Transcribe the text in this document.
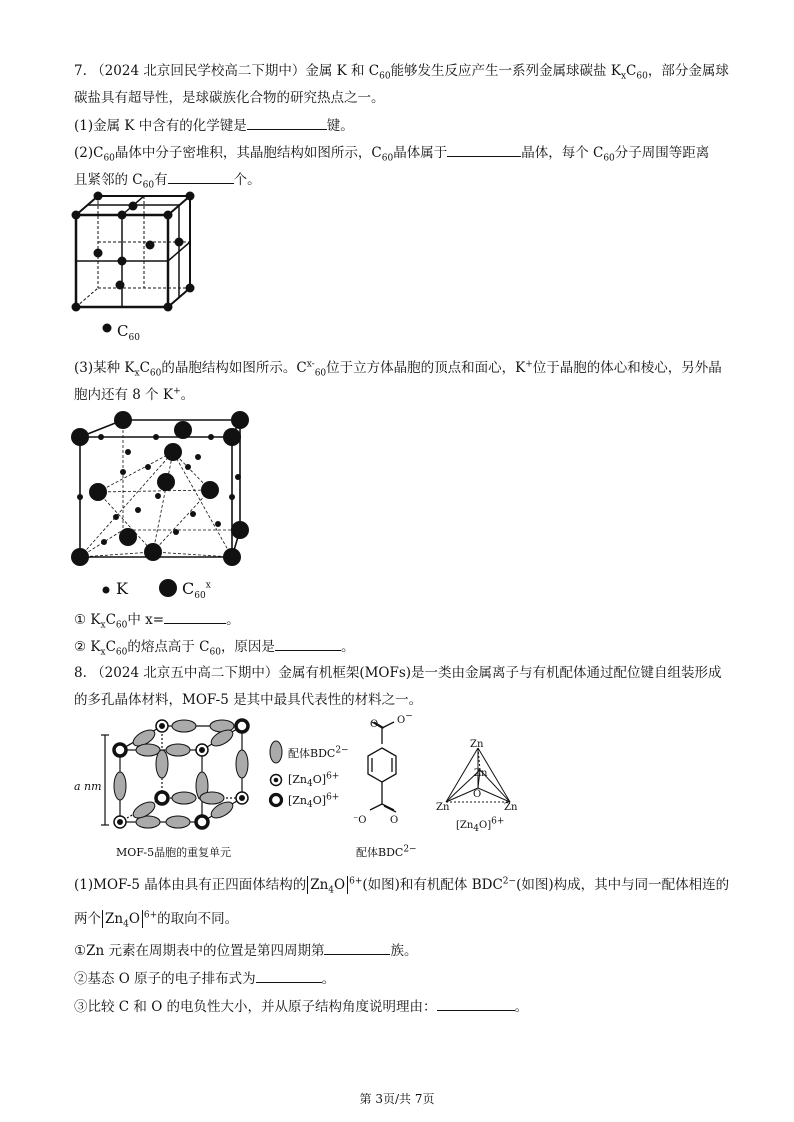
7. （2024 北京回民学校高二下期中）金属 K 和 $C_{60}$能够发生反应产生一系列金属球碳盐 $K_xC_{60}$，部分金属球
碳盐具有超导性，是球碳族化合物的研究热点之一。
(1)金属 K 中含有的化学键是	键。
$(2)C_{60}$晶体中分子密堆积，其晶胞结构如图所示，$C_{60}$晶体属于	晶体，每个 $C_{60}$分子周围等距离
且紧邻的 $C_{60}$有	个。
$C_{60}$
(3)某种 $K_xC_{60}$的晶胞结构如图所示。$C^{x-}_{60}$位于立方体晶胞的顶点和面心，K+位于晶胞的体心和棱心，另外晶
胞内还有 8 个 K+。
K	$C_{60}^x$
① $K_xC_{60}$中 x=	。
② $K_xC_{60}$的熔点高于 $C_{60}$，原因是	。
8. （2024 北京五中高二下期中）金属有机框架(MOFs)是一类由金属离子与有机配体通过配位键自组装形成
的多孔晶体材料，MOF-5 是其中最具代表性的材料之一。
a nm
MOF-5晶胞的重复单元
配体$BDC^{2-}$
$[Zn_4O]^{6+}$
$[Zn_4O]^{6+}$
O O−
⁻O O
配体$BDC^{2-}$
Zn
Zn
O
Zn	Zn
$[Zn_4O]^{6+}$
(1)MOF-5 晶体由具有正四面体结构的 $Zn_4O$ $^{6+}$(如图)和有机配体 $BDC^{2-}$(如图)构成，其中与同一配体相连的
两个 $Zn_4O$ $^{6+}$的取向不同。
①Zn 元素在周期表中的位置是第四周期第	族。
②基态 O 原子的电子排布式为	。
③比较 C 和 O 的电负性大小，并从原子结构角度说明理由：	。
第 3页/共 7页
